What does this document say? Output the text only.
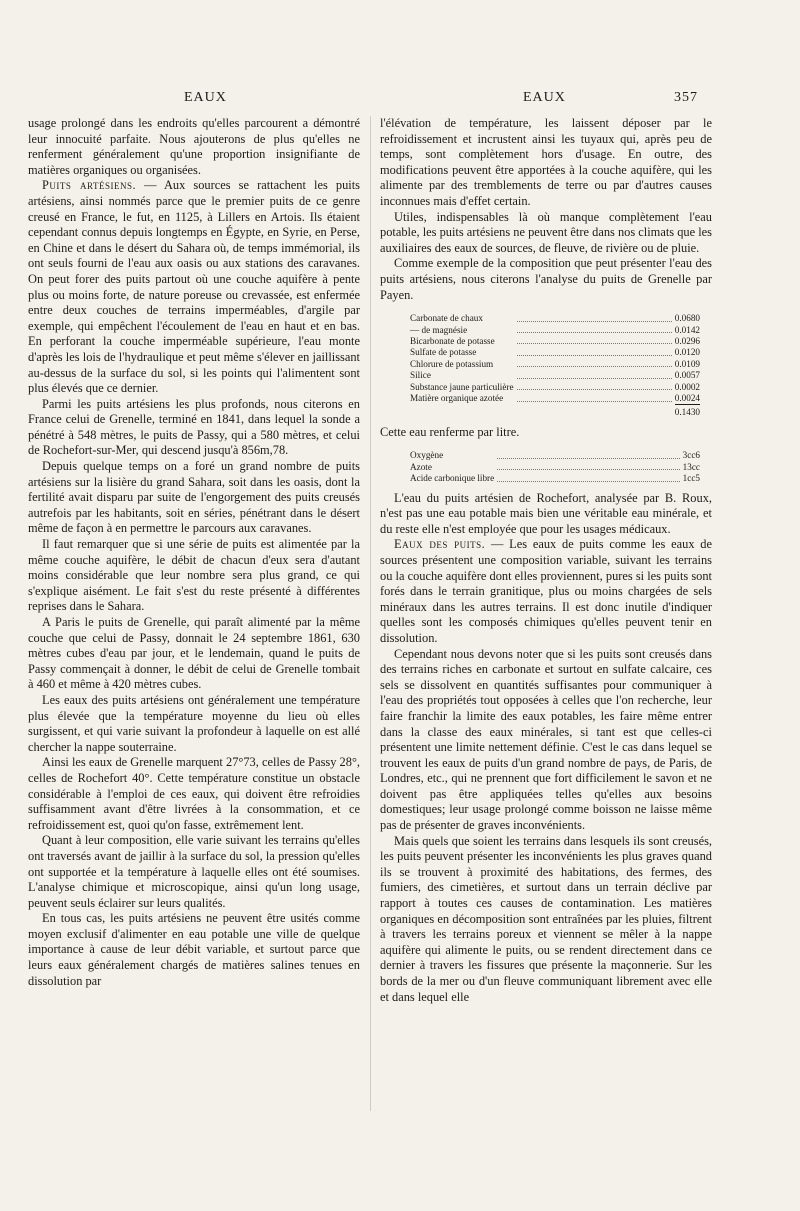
EAUX	EAUX	357

usage prolongé dans les endroits qu'elles parcourent a démontré leur innocuité parfaite. Nous ajouterons de plus qu'elles ne renferment généralement qu'une proportion insignifiante de matières organiques ou organisées.

Puits artésiens. — Aux sources se rattachent les puits artésiens, ainsi nommés parce que le premier puits de ce genre creusé en France, le fut, en 1125, à Lillers en Artois. Ils étaient cependant connus depuis longtemps en Égypte, en Syrie, en Perse, en Chine et dans le désert du Sahara où, de temps immémorial, ils ont seuls fourni de l'eau aux oasis ou aux stations des caravanes. On peut forer des puits partout où une couche aquifère à pente plus ou moins forte, de nature poreuse ou crevassée, est enfermée entre deux couches de terrains imperméables, d'argile par exemple, qui empêchent l'écoulement de l'eau en haut et en bas. En perforant la couche imperméable supérieure, l'eau monte d'après les lois de l'hydraulique et peut même s'élever en jaillissant au-dessus de la surface du sol, si les points qui l'alimentent sont plus élevés que ce dernier.

Parmi les puits artésiens les plus profonds, nous citerons en France celui de Grenelle, terminé en 1841, dans lequel la sonde a pénétré à 548 mètres, le puits de Passy, qui a 580 mètres, et celui de Rochefort-sur-Mer, qui descend jusqu'à 856m,78.

Depuis quelque temps on a foré un grand nombre de puits artésiens sur la lisière du grand Sahara, soit dans les oasis, dont la fertilité avait disparu par suite de l'engorgement des puits creusés autrefois par les habitants, soit en séries, pénétrant dans le désert même de façon à en permettre le parcours aux caravanes.

Il faut remarquer que si une série de puits est alimentée par la même couche aquifère, le débit de chacun d'eux sera d'autant moins considérable que leur nombre sera plus grand, ce qui s'explique aisément. Le fait s'est du reste présenté à différentes reprises dans le Sahara.

A Paris le puits de Grenelle, qui paraît alimenté par la même couche que celui de Passy, donnait le 24 septembre 1861, 630 mètres cubes d'eau par jour, et le lendemain, quand le puits de Passy commençait à donner, le débit de celui de Grenelle tombait à 460 et même à 420 mètres cubes.

Les eaux des puits artésiens ont généralement une température plus élevée que la température moyenne du lieu où elles surgissent, et qui varie suivant la profondeur à laquelle on est allé chercher la nappe souterraine.

Ainsi les eaux de Grenelle marquent 27°73, celles de Passy 28°, celles de Rochefort 40°. Cette température constitue un obstacle considérable à l'emploi de ces eaux, qui doivent être refroidies suffisamment avant d'être livrées à la consommation, et ce refroidissement est, quoi qu'on fasse, extrêmement lent.

Quant à leur composition, elle varie suivant les terrains qu'elles ont traversés avant de jaillir à la surface du sol, la pression qu'elles ont supportée et la température à laquelle elles ont été soumises. L'analyse chimique et microscopique, ainsi qu'un long usage, peuvent seuls éclairer sur leurs qualités.

En tous cas, les puits artésiens ne peuvent être usités comme moyen exclusif d'alimenter en eau potable une ville de quelque importance à cause de leur débit variable, et surtout parce que leurs eaux généralement chargés de matières salines tenues en dissolution par

l'élévation de température, les laissent déposer par le refroidissement et incrustent ainsi les tuyaux qui, après peu de temps, sont complètement hors d'usage. En outre, des modifications peuvent être apportées à la couche aquifère, qui les alimente par des tremblements de terre ou par d'autres causes inconnues mais d'effet certain.

Utiles, indispensables là où manque complètement l'eau potable, les puits artésiens ne peuvent être dans nos climats que les auxiliaires des eaux de sources, de fleuve, de rivière ou de pluie.

Comme exemple de la composition que peut présenter l'eau des puits artésiens, nous citerons l'analyse du puits de Grenelle par Payen.

Carbonate de chaux		0.0680
— de magnésie		0.0142
Bicarbonate de potasse		0.0296
Sulfate de potasse		0.0120
Chlorure de potassium		0.0109
Silice		0.0057
Substance jaune particulière		0.0002
Matière organique azotée		0.0024
		0.1430

Cette eau renferme par litre.

Oxygène		3cc6
Azote		13cc
Acide carbonique libre		1cc5

L'eau du puits artésien de Rochefort, analysée par B. Roux, n'est pas une eau potable mais bien une véritable eau minérale, et du reste elle n'est employée que pour les usages médicaux.

Eaux des puits. — Les eaux de puits comme les eaux de sources présentent une composition variable, suivant les terrains ou la couche aquifère dont elles proviennent, pures si les puits sont forés dans le terrain granitique, plus ou moins chargées de sels minéraux dans les autres terrains. Il est donc inutile d'indiquer quelles sont les composés chimiques qu'elles peuvent tenir en dissolution.

Cependant nous devons noter que si les puits sont creusés dans des terrains riches en carbonate et surtout en sulfate calcaire, ces sels se dissolvent en quantités suffisantes pour communiquer à l'eau des propriétés tout opposées à celles que l'on recherche, leur faire franchir la limite des eaux potables, les faire même entrer dans la classe des eaux minérales, si tant est que celles-ci présentent une limite nettement définie. C'est le cas dans lequel se trouvent les eaux de puits d'un grand nombre de pays, de Paris, de Londres, etc., qui ne prennent que fort difficilement le savon et ne doivent pas être appliquées telles qu'elles aux besoins domestiques; leur usage prolongé comme boisson ne laisse même pas de présenter de graves inconvénients.

Mais quels que soient les terrains dans lesquels ils sont creusés, les puits peuvent présenter les inconvénients les plus graves quand ils se trouvent à proximité des habitations, des fermes, des fumiers, des cimetières, et surtout dans un terrain déclive par rapport à toutes ces causes de contamination. Les matières organiques en décomposition sont entraînées par les pluies, filtrent à travers les terrains poreux et viennent se mêler à la nappe aquifère qui alimente le puits, ou se rendent directement dans ce dernier à travers les fissures que présente la maçonnerie. Sur les bords de la mer ou d'un fleuve communiquant librement avec elle et dans lequel elle
